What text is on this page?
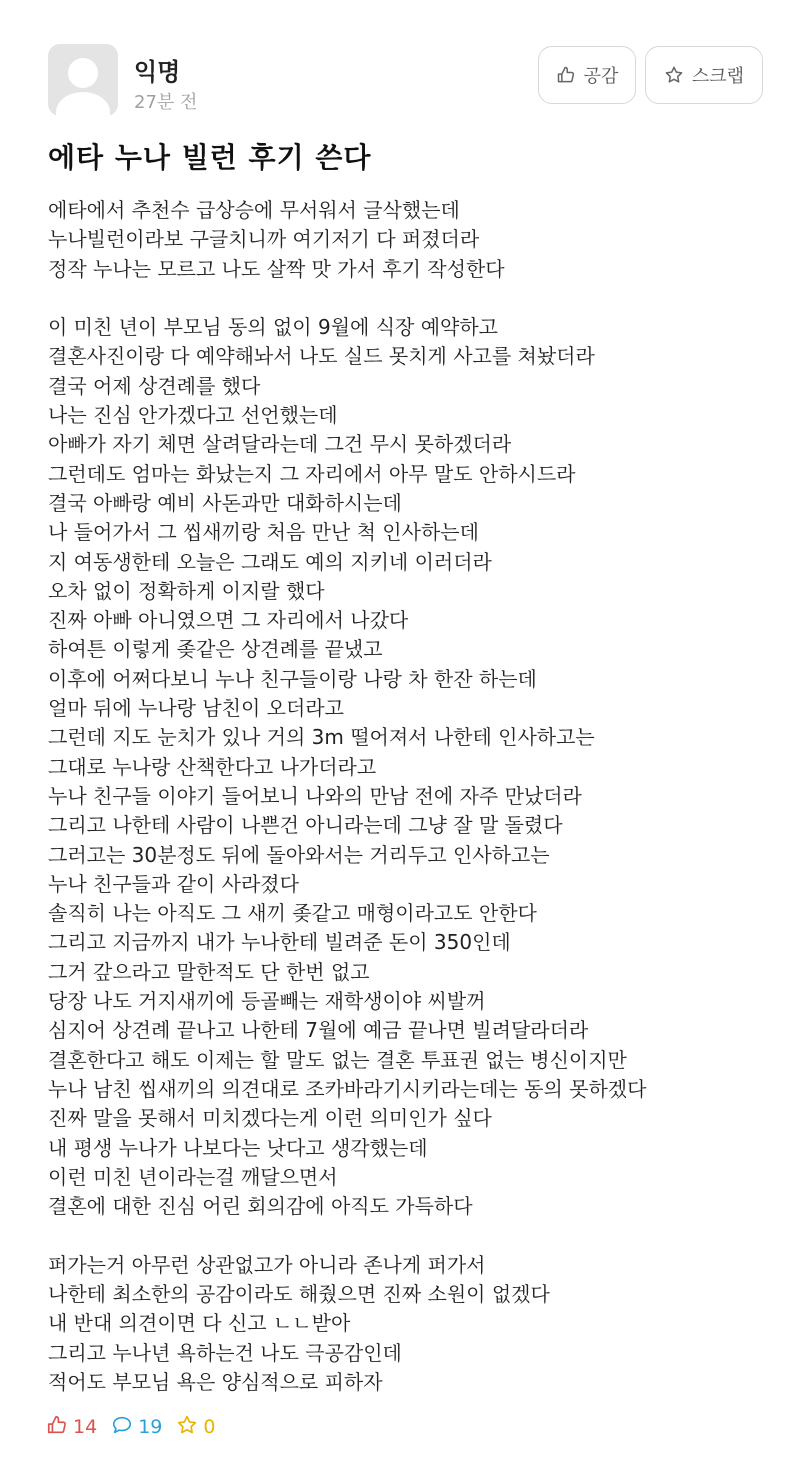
익명
27분 전
공감	스크랩
에타 누나 빌런 후기 쓴다
에타에서 추천수 급상승에 무서워서 글삭했는데
누나빌런이라보 구글치니까 여기저기 다 퍼졌더라
정작 누나는 모르고 나도 살짝 맛 가서 후기 작성한다
이 미친 년이 부모님 동의 없이 9월에 식장 예약하고
결혼사진이랑 다 예약해놔서 나도 실드 못치게 사고를 쳐놨더라
결국 어제 상견례를 했다
나는 진심 안가겠다고 선언했는데
아빠가 자기 체면 살려달라는데 그건 무시 못하겠더라
그런데도 엄마는 화났는지 그 자리에서 아무 말도 안하시드라
결국 아빠랑 예비 사돈과만 대화하시는데
나 들어가서 그 씹새끼랑 처음 만난 척 인사하는데
지 여동생한테 오늘은 그래도 예의 지키네 이러더라
오차 없이 정확하게 이지랄 했다
진짜 아빠 아니였으면 그 자리에서 나갔다
하여튼 이렇게 좆같은 상견례를 끝냈고
이후에 어쩌다보니 누나 친구들이랑 나랑 차 한잔 하는데
얼마 뒤에 누나랑 남친이 오더라고
그런데 지도 눈치가 있나 거의 3m 떨어져서 나한테 인사하고는
그대로 누나랑 산책한다고 나가더라고
누나 친구들 이야기 들어보니 나와의 만남 전에 자주 만났더라
그리고 나한테 사람이 나쁜건 아니라는데 그냥 잘 말 돌렸다
그러고는 30분정도 뒤에 돌아와서는 거리두고 인사하고는
누나 친구들과 같이 사라졌다
솔직히 나는 아직도 그 새끼 좆같고 매형이라고도 안한다
그리고 지금까지 내가 누나한테 빌려준 돈이 350인데
그거 갚으라고 말한적도 단 한번 없고
당장 나도 거지새끼에 등골빼는 재학생이야 씨발꺼
심지어 상견례 끝나고 나한테 7월에 예금 끝나면 빌려달라더라
결혼한다고 해도 이제는 할 말도 없는 결혼 투표권 없는 병신이지만
누나 남친 씹새끼의 의견대로 조카바라기시키라는데는 동의 못하겠다
진짜 말을 못해서 미치겠다는게 이런 의미인가 싶다
내 평생 누나가 나보다는 낫다고 생각했는데
이런 미친 년이라는걸 깨달으면서
결혼에 대한 진심 어린 회의감에 아직도 가득하다
퍼가는거 아무런 상관없고가 아니라 존나게 퍼가서
나한테 최소한의 공감이라도 해줬으면 진짜 소원이 없겠다
내 반대 의견이면 다 신고 ㄴㄴ받아
그리고 누나년 욕하는건 나도 극공감인데
적어도 부모님 욕은 양심적으로 피하자
14 19 0
